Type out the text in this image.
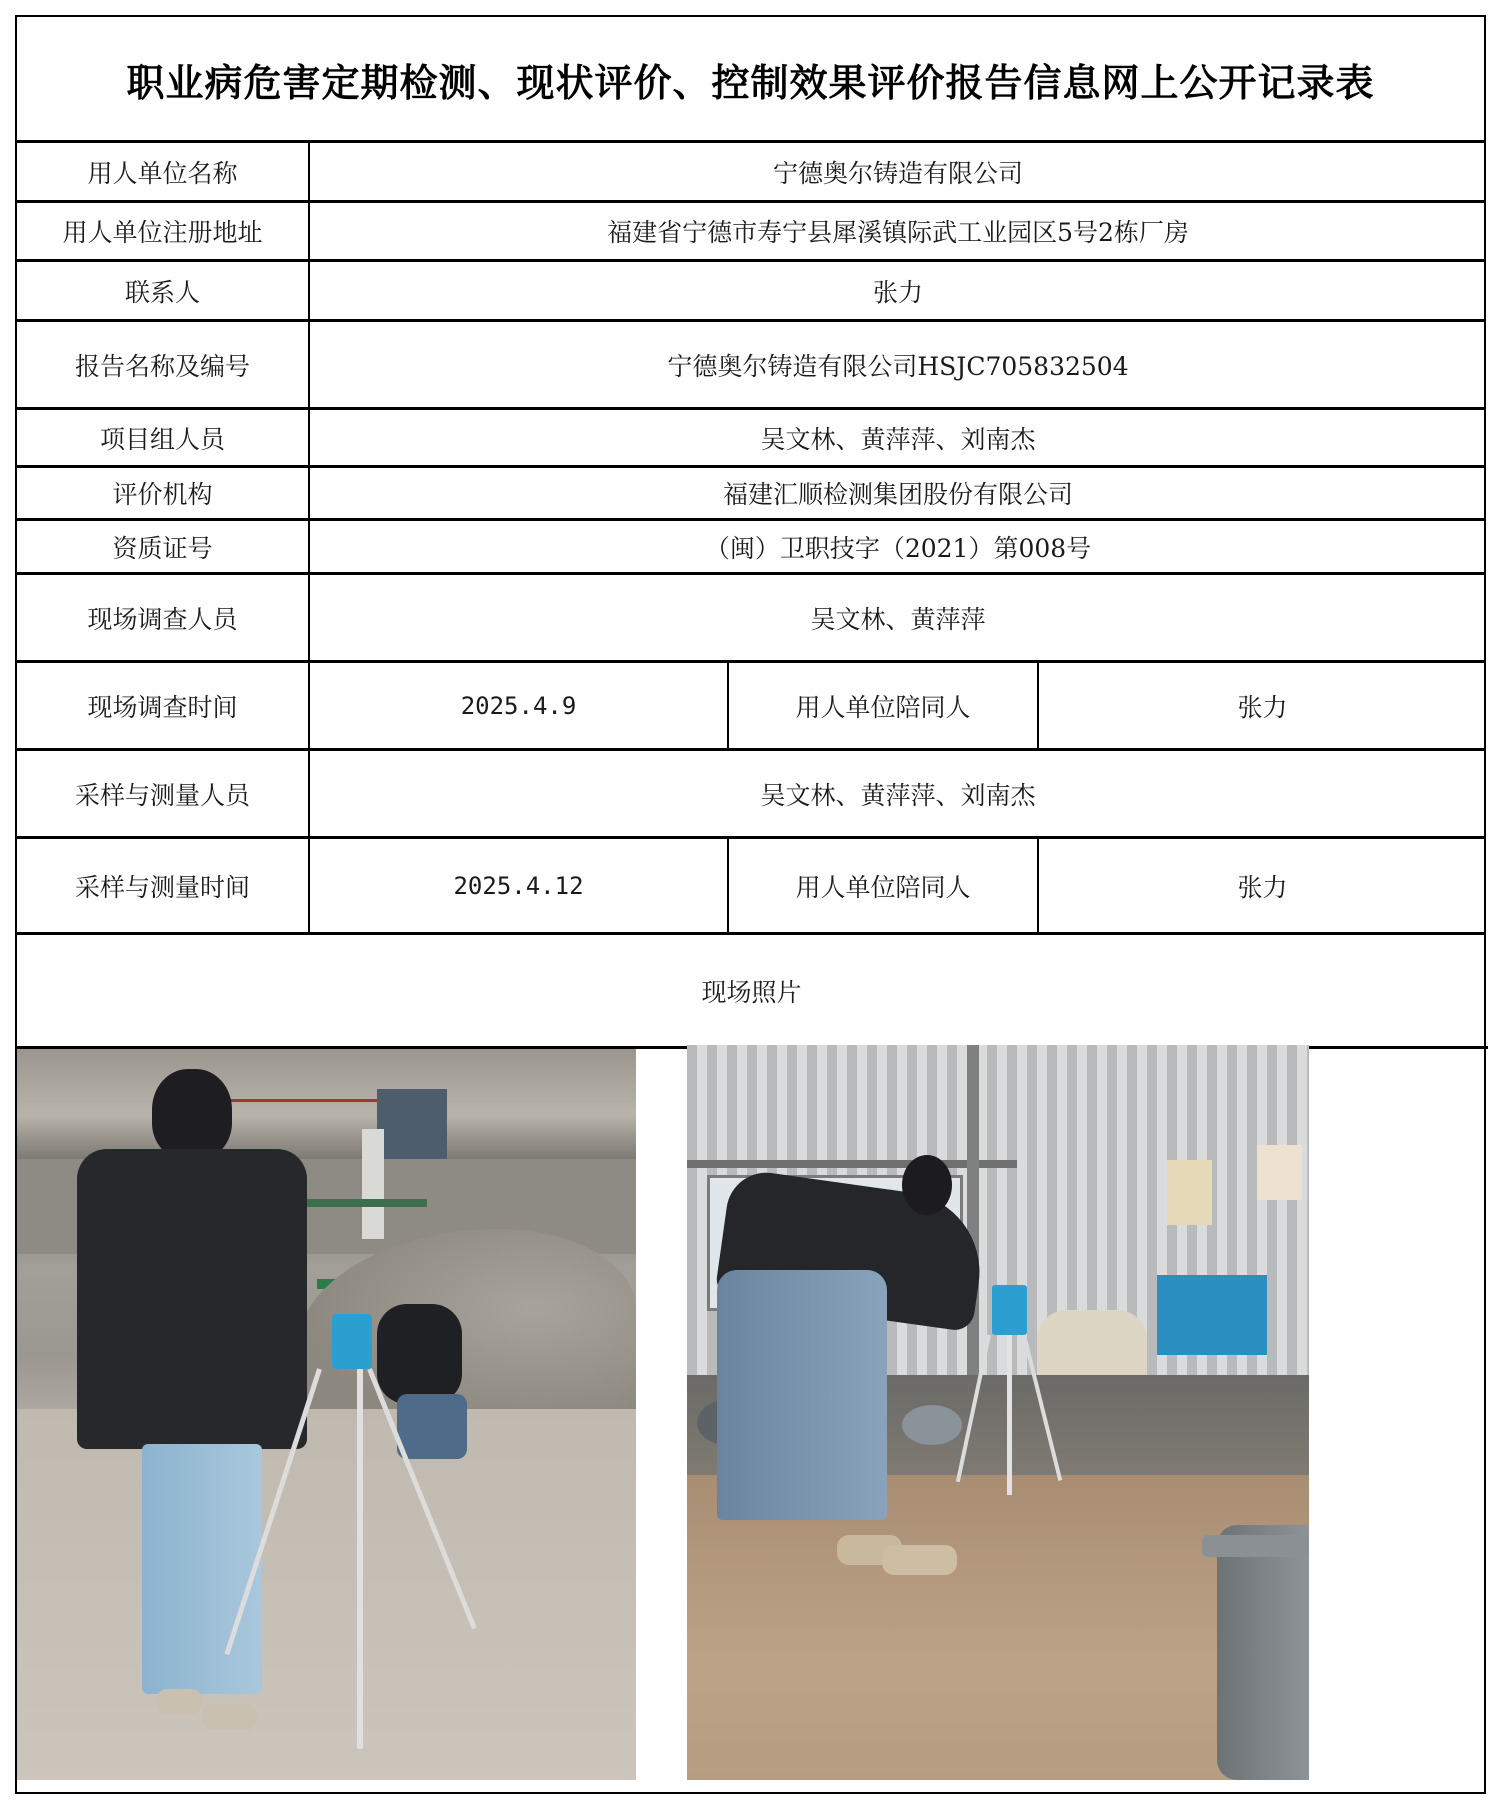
职业病危害定期检测、现状评价、控制效果评价报告信息网上公开记录表
用人单位名称	宁德奥尔铸造有限公司
用人单位注册地址	福建省宁德市寿宁县犀溪镇际武工业园区5号2栋厂房
联系人	张力
报告名称及编号	宁德奥尔铸造有限公司HSJC705832504
项目组人员	吴文林、黄萍萍、刘南杰
评价机构	福建汇顺检测集团股份有限公司
资质证号	（闽）卫职技字（2021）第008号
现场调查人员	吴文林、黄萍萍
现场调查时间	2025.4.9	用人单位陪同人	张力
采样与测量人员	吴文林、黄萍萍、刘南杰
采样与测量时间	2025.4.12	用人单位陪同人	张力
现场照片
